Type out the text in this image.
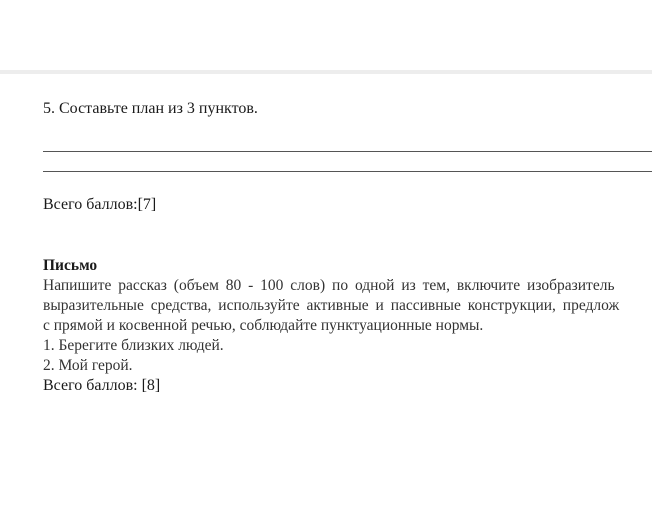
5. Составьте план из 3 пунктов.
Всего баллов:[7]
Письмо
Напишите рассказ (объем 80 - 100 слов) по одной из тем, включите изобразитель
выразительные средства, используйте активные и пассивные конструкции, предлож
с прямой и косвенной речью, соблюдайте пунктуационные нормы.
1. Берегите близких людей.
2. Мой герой.
Всего баллов: [8]
